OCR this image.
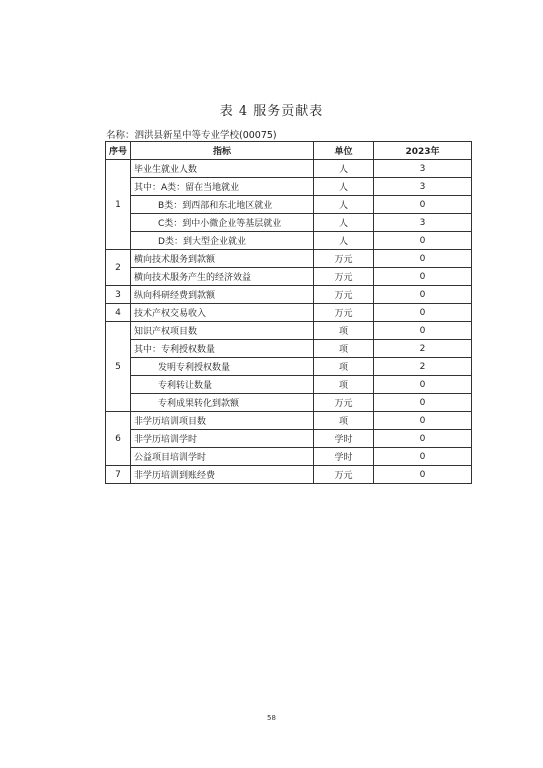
表 4 服务贡献表
名称：泗洪县新星中等专业学校(00075)
序号	指标	单位	2023年
1	毕业生就业人数	人	3
	其中：A类：留在当地就业	人	3
	B类：到西部和东北地区就业	人	0
	C类：到中小微企业等基层就业	人	3
	D类：到大型企业就业	人	0
2	横向技术服务到款额	万元	0
	横向技术服务产生的经济效益	万元	0
3	纵向科研经费到款额	万元	0
4	技术产权交易收入	万元	0
5	知识产权项目数	项	0
	其中：专利授权数量	项	2
	发明专利授权数量	项	2
	专利转让数量	项	0
	专利成果转化到款额	万元	0
6	非学历培训项目数	项	0
	非学历培训学时	学时	0
	公益项目培训学时	学时	0
7	非学历培训到账经费	万元	0
58
